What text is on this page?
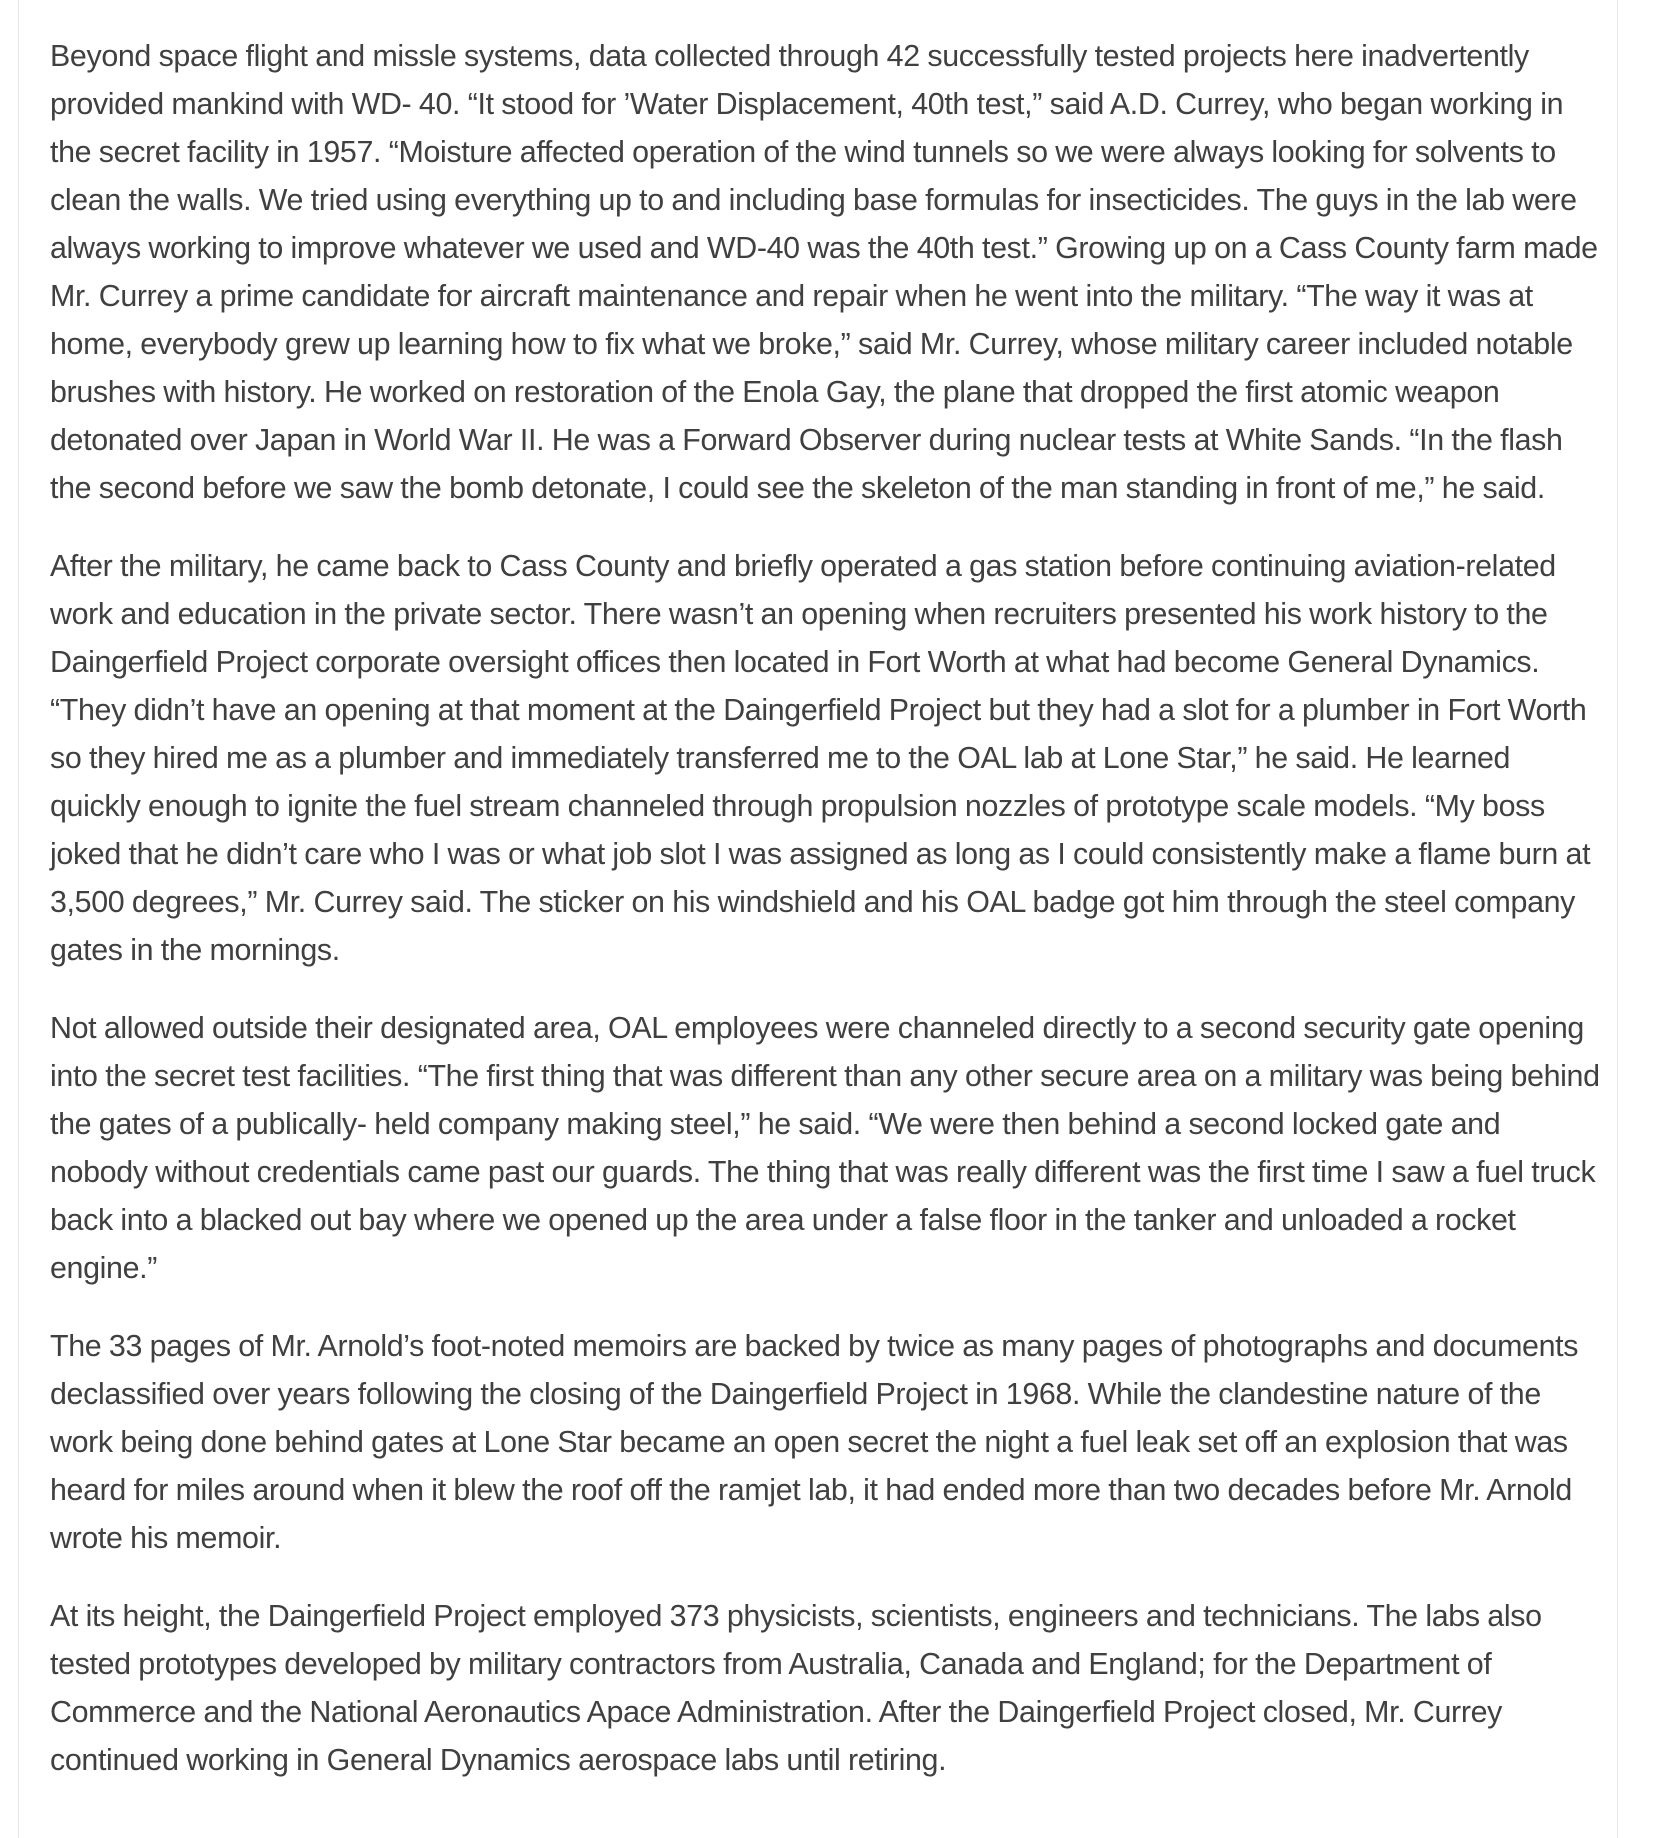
Beyond space flight and missle systems, data collected through 42 successfully tested projects here inadvertently provided mankind with WD- 40. “It stood for ’Water Displacement, 40th test,” said A.D. Currey, who began working in the secret facility in 1957. “Moisture affected operation of the wind tunnels so we were always looking for solvents to clean the walls. We tried using everything up to and including base formulas for insecticides. The guys in the lab were always working to improve whatever we used and WD-40 was the 40th test.” Growing up on a Cass County farm made Mr. Currey a prime candidate for aircraft maintenance and repair when he went into the military. “The way it was at home, everybody grew up learning how to fix what we broke,” said Mr. Currey, whose military career included notable brushes with history. He worked on restoration of the Enola Gay, the plane that dropped the first atomic weapon detonated over Japan in World War II. He was a Forward Observer during nuclear tests at White Sands. “In the flash the second before we saw the bomb detonate, I could see the skeleton of the man standing in front of me,” he said.

After the military, he came back to Cass County and briefly operated a gas station before continuing aviation-related work and education in the private sector. There wasn’t an opening when recruiters presented his work history to the Daingerfield Project corporate oversight offices then located in Fort Worth at what had become General Dynamics. “They didn’t have an opening at that moment at the Daingerfield Project but they had a slot for a plumber in Fort Worth so they hired me as a plumber and immediately transferred me to the OAL lab at Lone Star,” he said. He learned quickly enough to ignite the fuel stream channeled through propulsion nozzles of prototype scale models. “My boss joked that he didn’t care who I was or what job slot I was assigned as long as I could consistently make a flame burn at 3,500 degrees,” Mr. Currey said. The sticker on his windshield and his OAL badge got him through the steel company gates in the mornings.

Not allowed outside their designated area, OAL employees were channeled directly to a second security gate opening into the secret test facilities. “The first thing that was different than any other secure area on a military was being behind the gates of a publically- held company making steel,” he said. “We were then behind a second locked gate and nobody without credentials came past our guards. The thing that was really different was the first time I saw a fuel truck back into a blacked out bay where we opened up the area under a false floor in the tanker and unloaded a rocket engine.”

The 33 pages of Mr. Arnold’s foot-noted memoirs are backed by twice as many pages of photographs and documents declassified over years following the closing of the Daingerfield Project in 1968. While the clandestine nature of the work being done behind gates at Lone Star became an open secret the night a fuel leak set off an explosion that was heard for miles around when it blew the roof off the ramjet lab, it had ended more than two decades before Mr. Arnold wrote his memoir.

At its height, the Daingerfield Project employed 373 physicists, scientists, engineers and technicians. The labs also tested prototypes developed by military contractors from Australia, Canada and England; for the Department of Commerce and the National Aeronautics Apace Administration. After the Daingerfield Project closed, Mr. Currey continued working in General Dynamics aerospace labs until retiring.
